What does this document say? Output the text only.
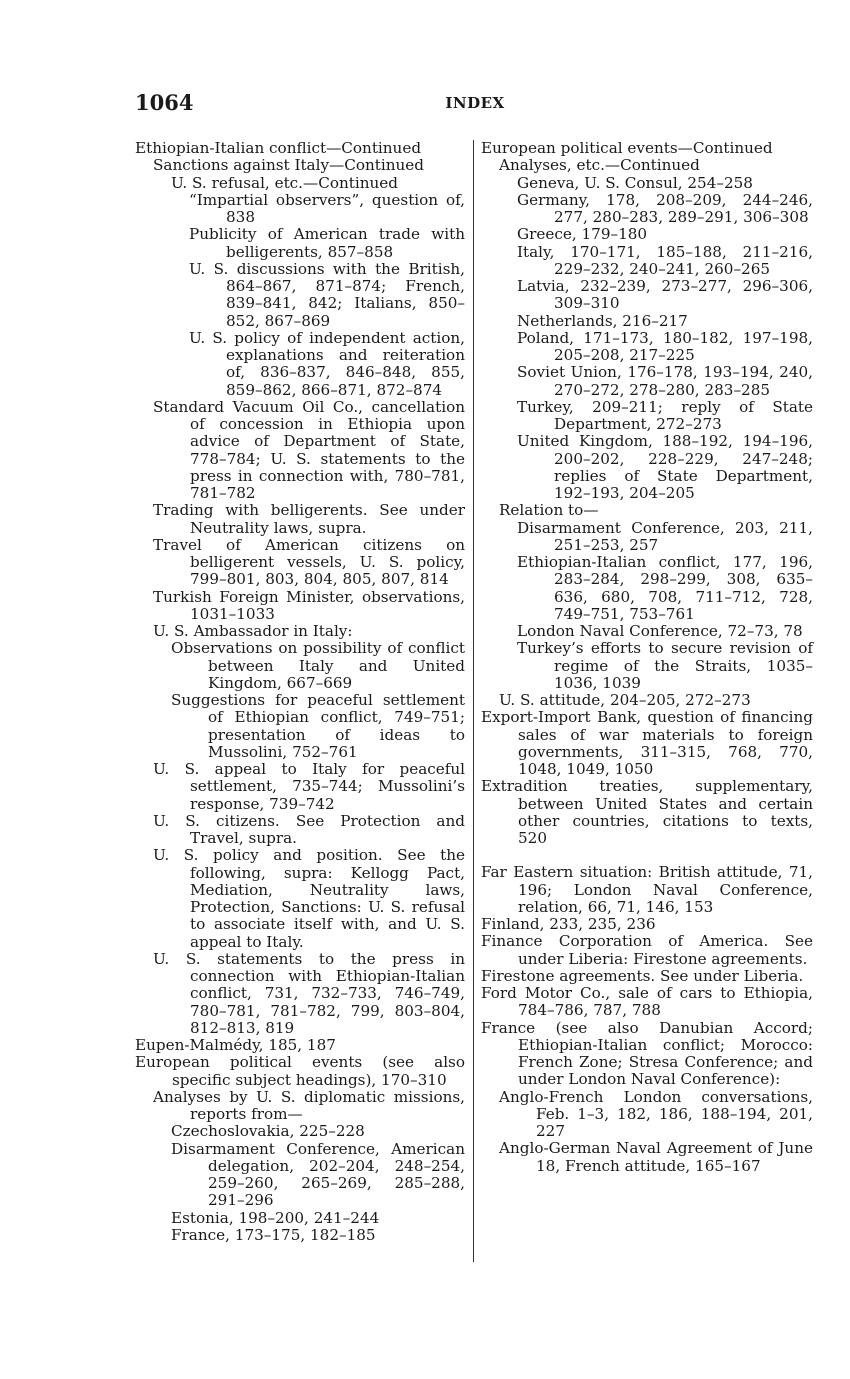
1064	INDEX
Ethiopian-Italian conflict—Continued
Sanctions against Italy—Continued
U. S. refusal, etc.—Continued
“Impartial observers”, question of, 838
Publicity of American trade with belligerents, 857–858
U. S. discussions with the British, 864–867, 871–874; French, 839–841, 842; Italians, 850–852, 867–869
U. S. policy of independent action, explanations and reiteration of, 836–837, 846–848, 855, 859–862, 866–871, 872–874
Standard Vacuum Oil Co., cancellation of concession in Ethiopia upon advice of Department of State, 778–784; U. S. statements to the press in connection with, 780–781, 781–782
Trading with belligerents. See under Neutrality laws, supra.
Travel of American citizens on belligerent vessels, U. S. policy, 799–801, 803, 804, 805, 807, 814
Turkish Foreign Minister, observations, 1031–1033
U. S. Ambassador in Italy:
Observations on possibility of conflict between Italy and United Kingdom, 667–669
Suggestions for peaceful settlement of Ethiopian conflict, 749–751; presentation of ideas to Mussolini, 752–761
U. S. appeal to Italy for peaceful settlement, 735–744; Mussolini’s response, 739–742
U. S. citizens. See Protection and Travel, supra.
U. S. policy and position. See the following, supra: Kellogg Pact, Mediation, Neutrality laws, Protection, Sanctions: U. S. refusal to associate itself with, and U. S. appeal to Italy.
U. S. statements to the press in connection with Ethiopian-Italian conflict, 731, 732–733, 746–749, 780–781, 781–782, 799, 803–804, 812–813, 819
Eupen-Malmédy, 185, 187
European political events (see also specific subject headings), 170–310
Analyses by U. S. diplomatic missions, reports from—
Czechoslovakia, 225–228
Disarmament Conference, American delegation, 202–204, 248–254, 259–260, 265–269, 285–288, 291–296
Estonia, 198–200, 241–244
France, 173–175, 182–185
European political events—Continued
Analyses, etc.—Continued
Geneva, U. S. Consul, 254–258
Germany, 178, 208–209, 244–246, 277, 280–283, 289–291, 306–308
Greece, 179–180
Italy, 170–171, 185–188, 211–216, 229–232, 240–241, 260–265
Latvia, 232–239, 273–277, 296–306, 309–310
Netherlands, 216–217
Poland, 171–173, 180–182, 197–198, 205–208, 217–225
Soviet Union, 176–178, 193–194, 240, 270–272, 278–280, 283–285
Turkey, 209–211; reply of State Department, 272–273
United Kingdom, 188–192, 194–196, 200–202, 228–229, 247–248; replies of State Department, 192–193, 204–205
Relation to—
Disarmament Conference, 203, 211, 251–253, 257
Ethiopian-Italian conflict, 177, 196, 283–284, 298–299, 308, 635–636, 680, 708, 711–712, 728, 749–751, 753–761
London Naval Conference, 72–73, 78
Turkey’s efforts to secure revision of regime of the Straits, 1035–1036, 1039
U. S. attitude, 204–205, 272–273
Export-Import Bank, question of financing sales of war materials to foreign governments, 311–315, 768, 770, 1048, 1049, 1050
Extradition treaties, supplementary, between United States and certain other countries, citations to texts, 520
Far Eastern situation: British attitude, 71, 196; London Naval Conference, relation, 66, 71, 146, 153
Finland, 233, 235, 236
Finance Corporation of America. See under Liberia: Firestone agreements.
Firestone agreements. See under Liberia.
Ford Motor Co., sale of cars to Ethiopia, 784–786, 787, 788
France (see also Danubian Accord; Ethiopian-Italian conflict; Morocco: French Zone; Stresa Conference; and under London Naval Conference):
Anglo-French London conversations, Feb. 1–3, 182, 186, 188–194, 201, 227
Anglo-German Naval Agreement of June 18, French attitude, 165–167
